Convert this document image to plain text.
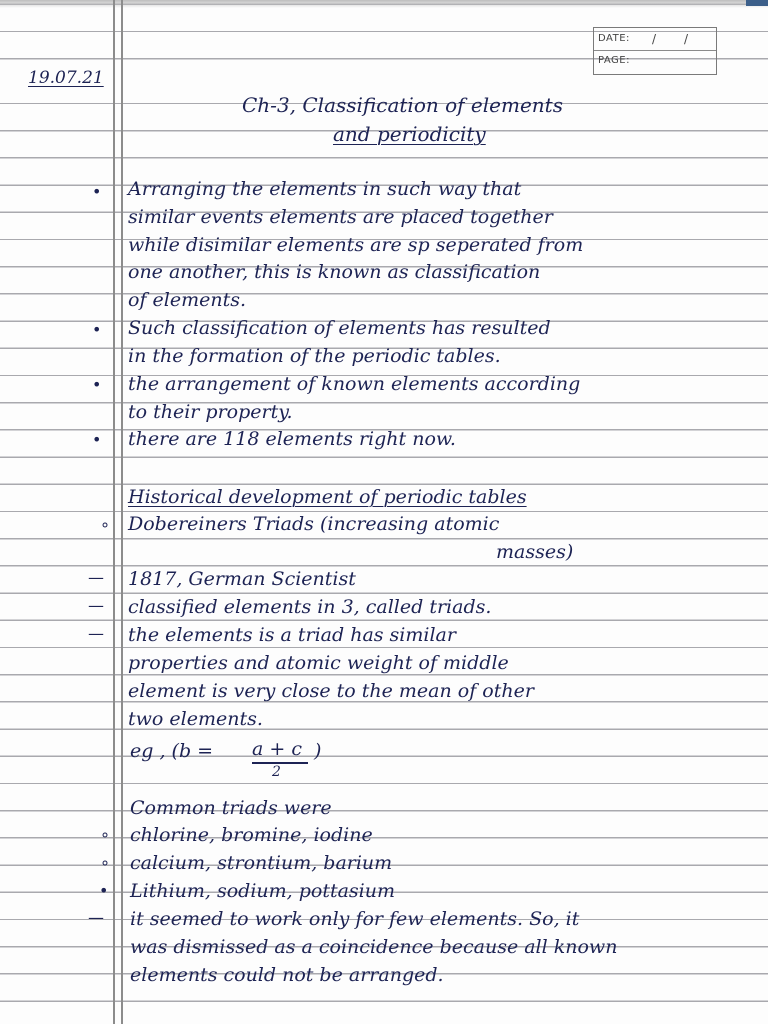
DATE: / /
PAGE:
19.07.21
Ch-3, Classification of elements
and periodicity
• Arranging the elements in such way that
similar events elements are placed together
while disimilar elements are sp seperated from
one another, this is known as classification
of elements.
• Such classification of elements has resulted
in the formation of the periodic tables.
• the arrangement of known elements according
to their property.
• there are 118 elements right now.
Historical development of periodic tables
∘ Dobereiners Triads (increasing atomic
masses)
— 1817, German Scientist
— classified elements in 3, called triads.
— the elements is a triad has similar
properties and atomic weight of middle
element is very close to the mean of other
two elements.
eg , (b = a + c
2
)
Common triads were
∘ chlorine, bromine, iodine
∘ calcium, strontium, barium
• Lithium, sodium, pottasium
— it seemed to work only for few elements. So, it
was dismissed as a coincidence because all known
elements could not be arranged.
